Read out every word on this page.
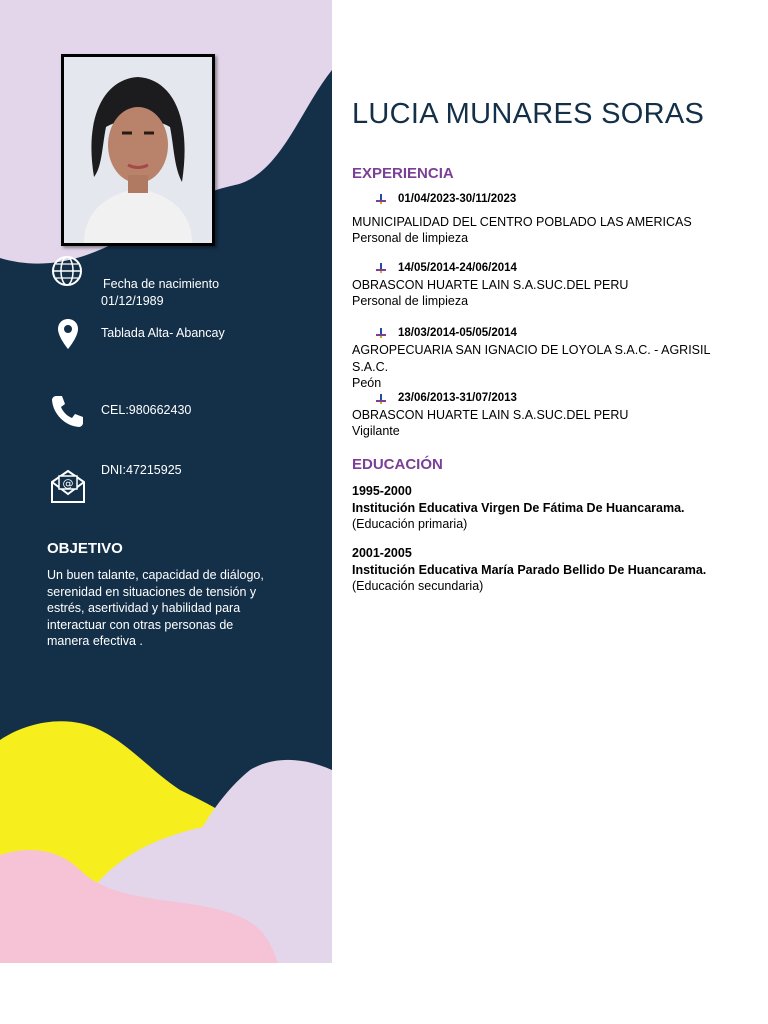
Fecha de nacimiento
01/12/1989
Tablada Alta- Abancay
CEL:980662430
@
DNI:47215925
OBJETIVO
Un buen talante, capacidad de diálogo, serenidad en situaciones de tensión y estrés, asertividad y habilidad para interactuar con otras personas de manera efectiva .
LUCIA MUNARES SORAS
EXPERIENCIA
01/04/2023-30/11/2023
MUNICIPALIDAD DEL CENTRO POBLADO LAS AMERICAS
Personal de limpieza
14/05/2014-24/06/2014
OBRASCON HUARTE LAIN S.A.SUC.DEL PERU
Personal de limpieza
18/03/2014-05/05/2014
AGROPECUARIA SAN IGNACIO DE LOYOLA S.A.C. - AGRISIL S.A.C.
Peón
23/06/2013-31/07/2013
OBRASCON HUARTE LAIN S.A.SUC.DEL PERU
Vigilante
EDUCACIÓN
1995-2000
Institución Educativa Virgen De Fátima De Huancarama.
(Educación primaria)
2001-2005
Institución Educativa María Parado Bellido De Huancarama.
(Educación secundaria)
